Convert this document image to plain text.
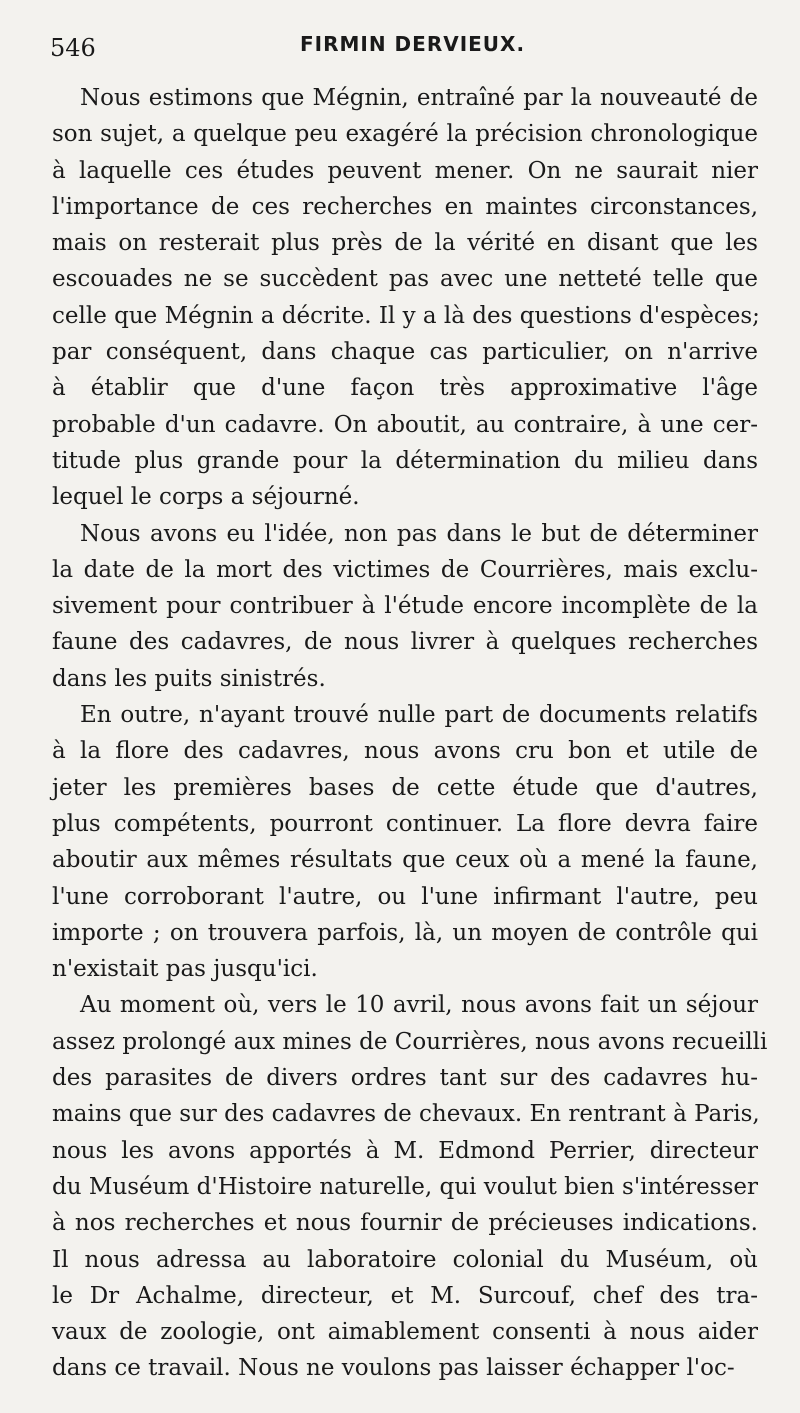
546	FIRMIN DERVIEUX.
Nous estimons que Mégnin, entraîné par la nouveauté de
son sujet, a quelque peu exagéré la précision chronologique
à laquelle ces études peuvent mener. On ne saurait nier
l'importance de ces recherches en maintes circonstances,
mais on resterait plus près de la vérité en disant que les
escouades ne se succèdent pas avec une netteté telle que
celle que Mégnin a décrite. Il y a là des questions d'espèces;
par conséquent, dans chaque cas particulier, on n'arrive
à établir que d'une façon très approximative l'âge
probable d'un cadavre. On aboutit, au contraire, à une cer-
titude plus grande pour la détermination du milieu dans
lequel le corps a séjourné.
Nous avons eu l'idée, non pas dans le but de déterminer
la date de la mort des victimes de Courrières, mais exclu-
sivement pour contribuer à l'étude encore incomplète de la
faune des cadavres, de nous livrer à quelques recherches
dans les puits sinistrés.
En outre, n'ayant trouvé nulle part de documents relatifs
à la flore des cadavres, nous avons cru bon et utile de
jeter les premières bases de cette étude que d'autres,
plus compétents, pourront continuer. La flore devra faire
aboutir aux mêmes résultats que ceux où a mené la faune,
l'une corroborant l'autre, ou l'une infirmant l'autre, peu
importe ; on trouvera parfois, là, un moyen de contrôle qui
n'existait pas jusqu'ici.
Au moment où, vers le 10 avril, nous avons fait un séjour
assez prolongé aux mines de Courrières, nous avons recueilli
des parasites de divers ordres tant sur des cadavres hu-
mains que sur des cadavres de chevaux. En rentrant à Paris,
nous les avons apportés à M. Edmond Perrier, directeur
du Muséum d'Histoire naturelle, qui voulut bien s'intéresser
à nos recherches et nous fournir de précieuses indications.
Il nous adressa au laboratoire colonial du Muséum, où
le Dr Achalme, directeur, et M. Surcouf, chef des tra-
vaux de zoologie, ont aimablement consenti à nous aider
dans ce travail. Nous ne voulons pas laisser échapper l'oc-
